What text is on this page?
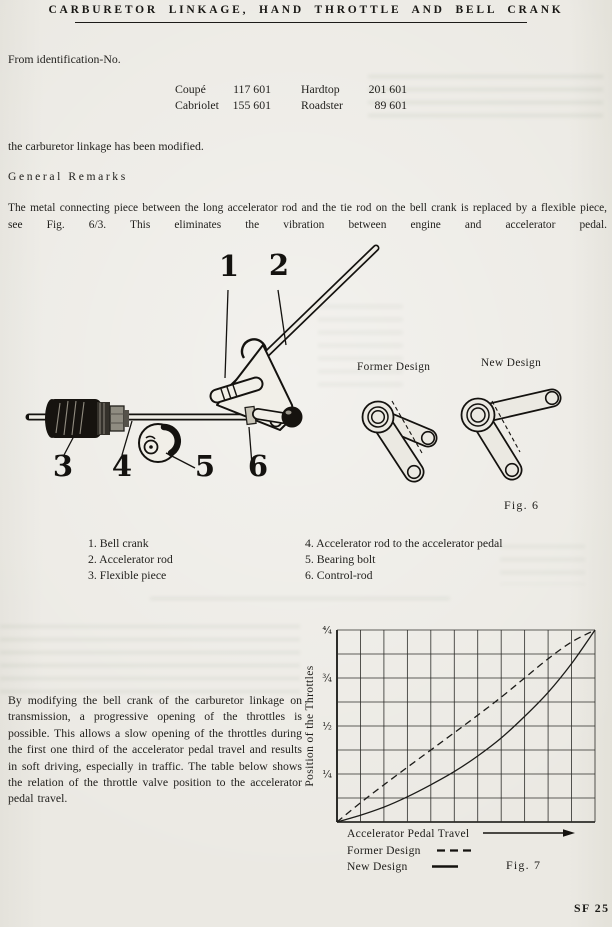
CARBURETOR LINKAGE, HAND THROTTLE AND BELL CRANK
From identification-No.
Coupé	117 601	Hardtop	201 601
Cabriolet	155 601	Roadster	89 601
the carburetor linkage has been modified.
General Remarks
The metal connecting piece between the long accelerator rod and the tie rod on the bell crank is replaced by a flexible piece, see Fig. 6/3. This eliminates the vibration between engine and accelerator pedal.
1 2
3 4 5 6
Former Design	New Design
Fig. 6
1. Bell crank
2. Accelerator rod
3. Flexible piece
4. Accelerator rod to the accelerator pedal
5. Bearing bolt
6. Control-rod
By modifying the bell crank of the carburetor linkage on transmission, a progressive opening of the throttles is possible. This allows a slow opening of the throttles during the first one third of the accelerator pedal travel and results in soft driving, especially in traffic. The table below shows the relation of the throttle valve position to the accelerator pedal travel.
Position of the Throttles
⁴⁄₄
¾
½
¼
Accelerator Pedal Travel
Former Design
New Design	Fig. 7
SF 25
